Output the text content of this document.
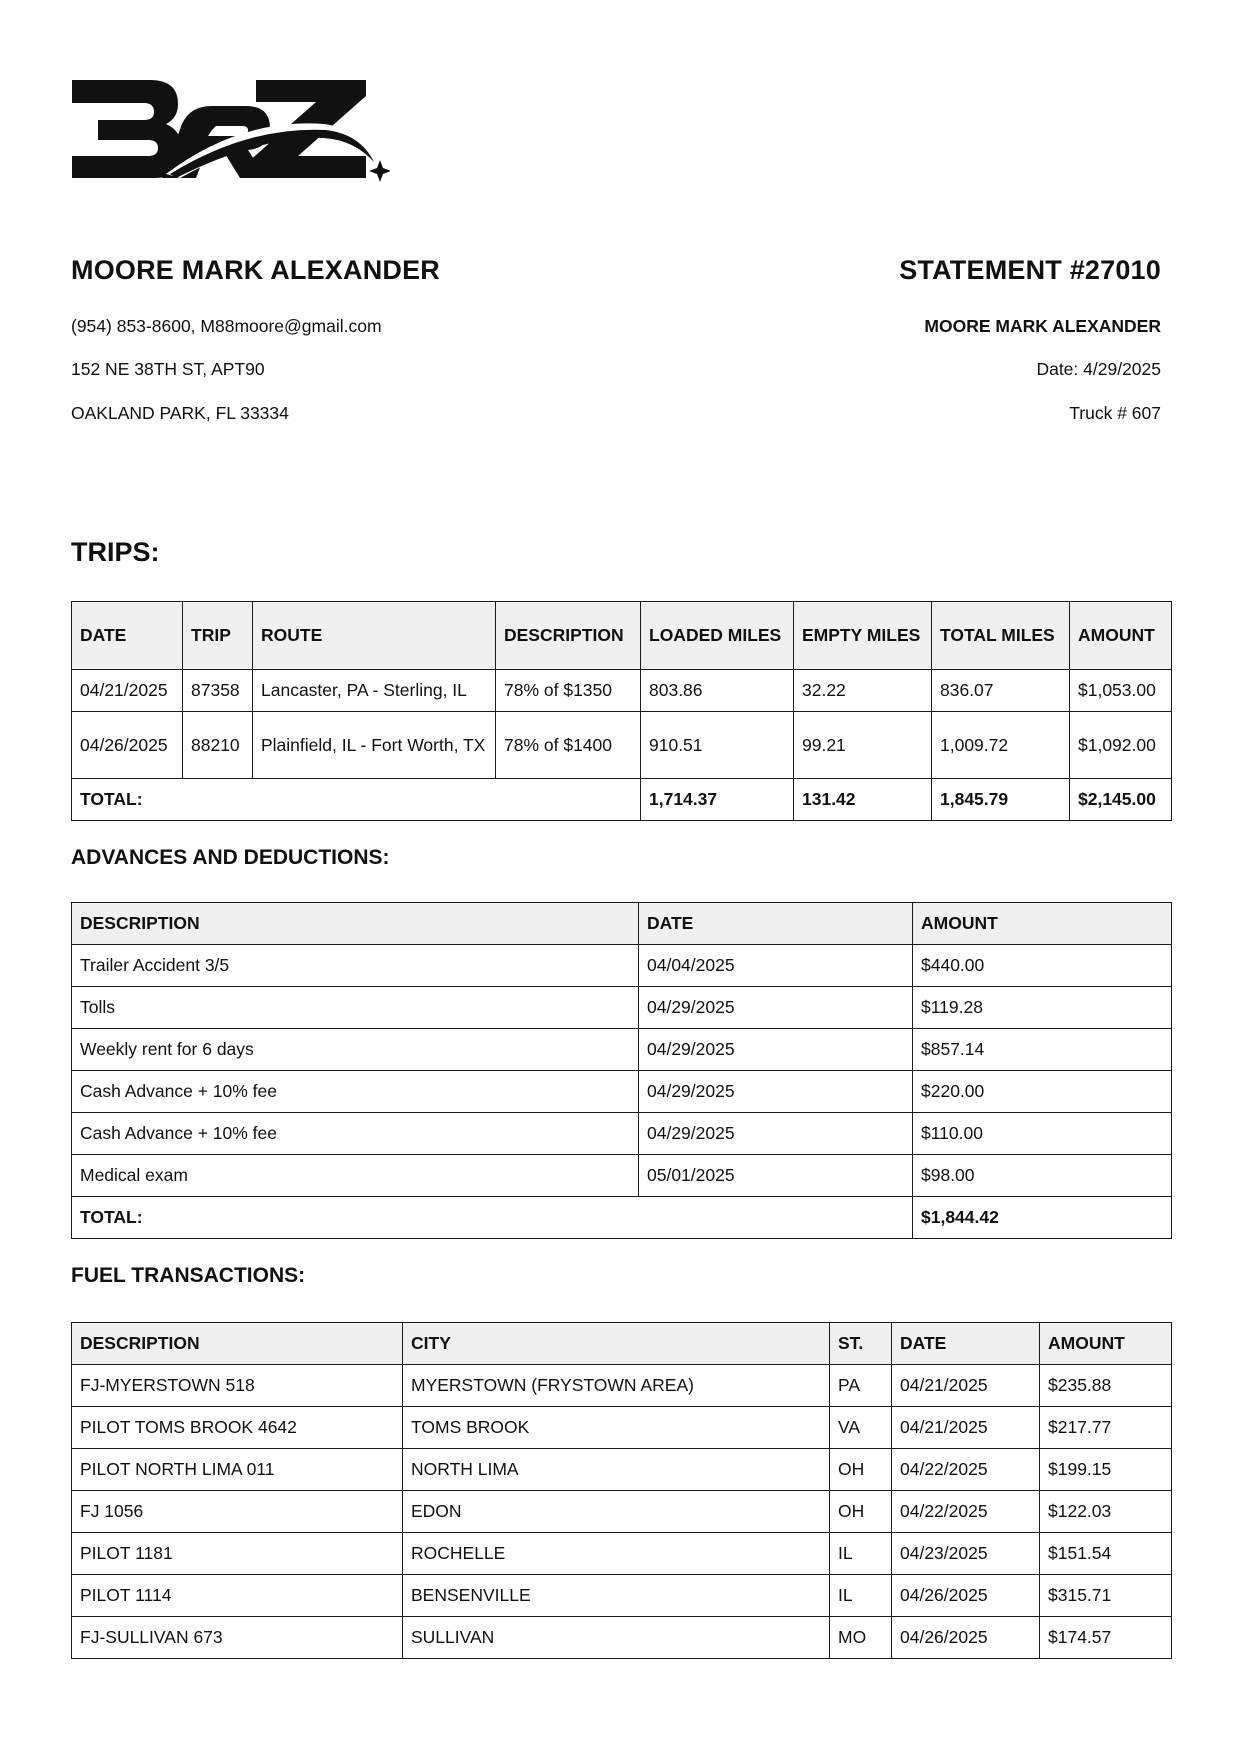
MOORE MARK ALEXANDER
(954) 853-8600, M88moore@gmail.com
152 NE 38TH ST, APT90
OAKLAND PARK, FL 33334
STATEMENT #27010
MOORE MARK ALEXANDER
Date: 4/29/2025
Truck # 607
TRIPS:
DATE	TRIP	ROUTE	DESCRIPTION	LOADED MILES	EMPTY MILES	TOTAL MILES	AMOUNT
04/21/2025	87358	Lancaster, PA - Sterling, IL	78% of $1350	803.86	32.22	836.07	$1,053.00
04/26/2025	88210	Plainfield, IL - Fort Worth, TX	78% of $1400	910.51	99.21	1,009.72	$1,092.00
TOTAL:				1,714.37	131.42	1,845.79	$2,145.00
ADVANCES AND DEDUCTIONS:
DESCRIPTION	DATE	AMOUNT
Trailer Accident 3/5	04/04/2025	$440.00
Tolls	04/29/2025	$119.28
Weekly rent for 6 days	04/29/2025	$857.14
Cash Advance + 10% fee	04/29/2025	$220.00
Cash Advance + 10% fee	04/29/2025	$110.00
Medical exam	05/01/2025	$98.00
TOTAL:		$1,844.42
FUEL TRANSACTIONS:
DESCRIPTION	CITY	ST.	DATE	AMOUNT
FJ-MYERSTOWN 518	MYERSTOWN (FRYSTOWN AREA)	PA	04/21/2025	$235.88
PILOT TOMS BROOK 4642	TOMS BROOK	VA	04/21/2025	$217.77
PILOT NORTH LIMA 011	NORTH LIMA	OH	04/22/2025	$199.15
FJ 1056	EDON	OH	04/22/2025	$122.03
PILOT 1181	ROCHELLE	IL	04/23/2025	$151.54
PILOT 1114	BENSENVILLE	IL	04/26/2025	$315.71
FJ-SULLIVAN 673	SULLIVAN	MO	04/26/2025	$174.57
